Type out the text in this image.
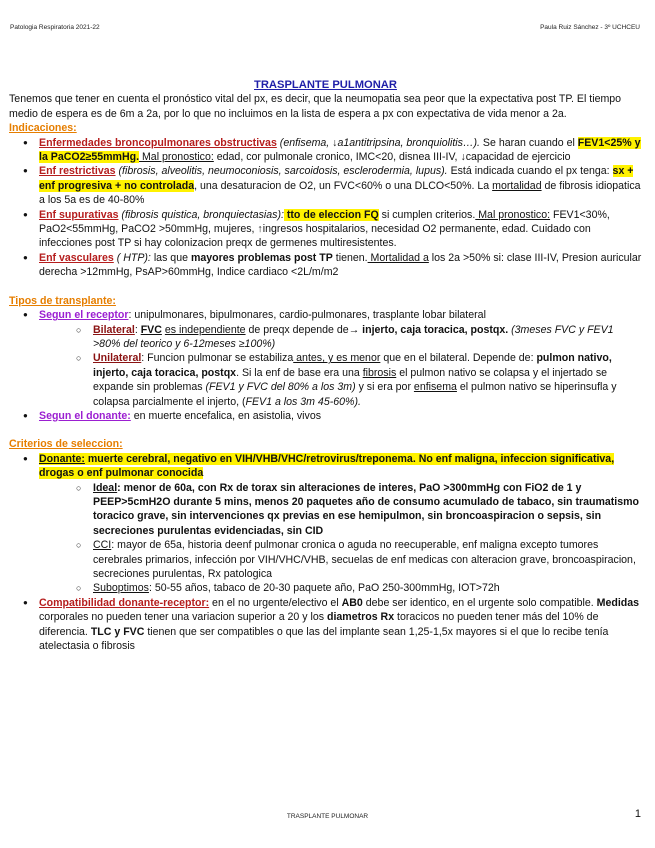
Patologia Respiratoria 2021-22	Paula Ruiz Sánchez - 3º UCHCEU

TRASPLANTE PULMONAR

Tenemos que tener en cuenta el pronóstico vital del px, es decir, que la neumopatia sea peor que la expectativa post TP. El tiempo medio de espera es de 6m a 2a, por lo que no incluimos en la lista de espera a px con expectativa de vida menor a 2a.

Indicaciones:
● Enfermedades broncopulmonares obstructivas (enfisema, ↓a1antitripsina, bronquiolitis…). Se haran cuando el FEV1<25% y la PaCO2≥55mmHg. Mal pronostico: edad, cor pulmonale cronico, IMC<20, disnea III-IV, ↓capacidad de ejercicio
● Enf restrictivas (fibrosis, alveolitis, neumoconiosis, sarcoidosis, esclerodermia, lupus). Está indicada cuando el px tenga: sx + enf progresiva + no controlada, una desaturacion de O2, un FVC<60% o una DLCO<50%. La mortalidad de fibrosis idiopatica a los 5a es de 40-80%
● Enf supurativas (fibrosis quistica, bronquiectasias): tto de eleccion FQ si cumplen criterios. Mal pronostico: FEV1<30%, PaO2<55mmHg, PaCO2 >50mmHg, mujeres, ↑ingresos hospitalarios, necesidad O2 permanente, edad. Cuidado con infecciones post TP si hay colonizacion preqx de germenes multiresistentes.
● Enf vasculares ( HTP): las que mayores problemas post TP tienen. Mortalidad a los 2a >50% si: clase III-IV, Presion auricular derecha >12mmHg, PsAP>60mmHg, Indice cardiaco <2L/m/m2
Tipos de transplante:
● Segun el receptor: unipulmonares, bipulmonares, cardio-pulmonares, trasplante lobar bilateral
○ Bilateral: FVC es independiente de preqx depende de→ injerto, caja toracica, postqx. (3meses FVC y FEV1 >80% del teorico y 6-12meses ≥100%)
○ Unilateral: Funcion pulmonar se estabiliza antes, y es menor que en el bilateral. Depende de: pulmon nativo, injerto, caja toracica, postqx. Si la enf de base era una fibrosis el pulmon nativo se colapsa y el injertado se expande sin problemas (FEV1 y FVC del 80% a los 3m) y si era por enfisema el pulmon nativo se hiperinsufla y colapsa parcialmente el injerto, (FEV1 a los 3m 45-60%).
● Segun el donante: en muerte encefalica, en asistolia, vivos
Criterios de seleccion:
● Donante: muerte cerebral, negativo en VIH/VHB/VHC/retrovirus/treponema. No enf maligna, infeccion significativa, drogas o enf pulmonar conocida
○ Ideal: menor de 60a, con Rx de torax sin alteraciones de interes, PaO >300mmHg con FiO2 de 1 y PEEP>5cmH2O durante 5 mins, menos 20 paquetes año de consumo acumulado de tabaco, sin traumatismo toracico grave, sin intervenciones qx previas en ese hemipulmon, sin broncoaspiracion o sepsis, sin secreciones purulentas evidenciadas, sin CID
○ CCI: mayor de 65a, historia deenf pulmonar cronica o aguda no reecuperable, enf maligna excepto tumores cerebrales primarios, infección por VIH/VHC/VHB, secuelas de enf medicas con alteracion grave, broncoaspiracion, secreciones purulentas, Rx patologica
○ Suboptimos: 50-55 años, tabaco de 20-30 paquete año, PaO 250-300mmHg, IOT>72h
● Compatibilidad donante-receptor: en el no urgente/electivo el AB0 debe ser identico, en el urgente solo compatible. Medidas corporales no pueden tener una variacion superior a 20 y los diametros Rx toracicos no pueden tener más del 10% de diferencia. TLC y FVC tienen que ser compatibles o que las del implante sean 1,25-1,5x mayores si el que lo recibe tenía atelectasia o fibrosis
TRASPLANTE PULMONAR	1
